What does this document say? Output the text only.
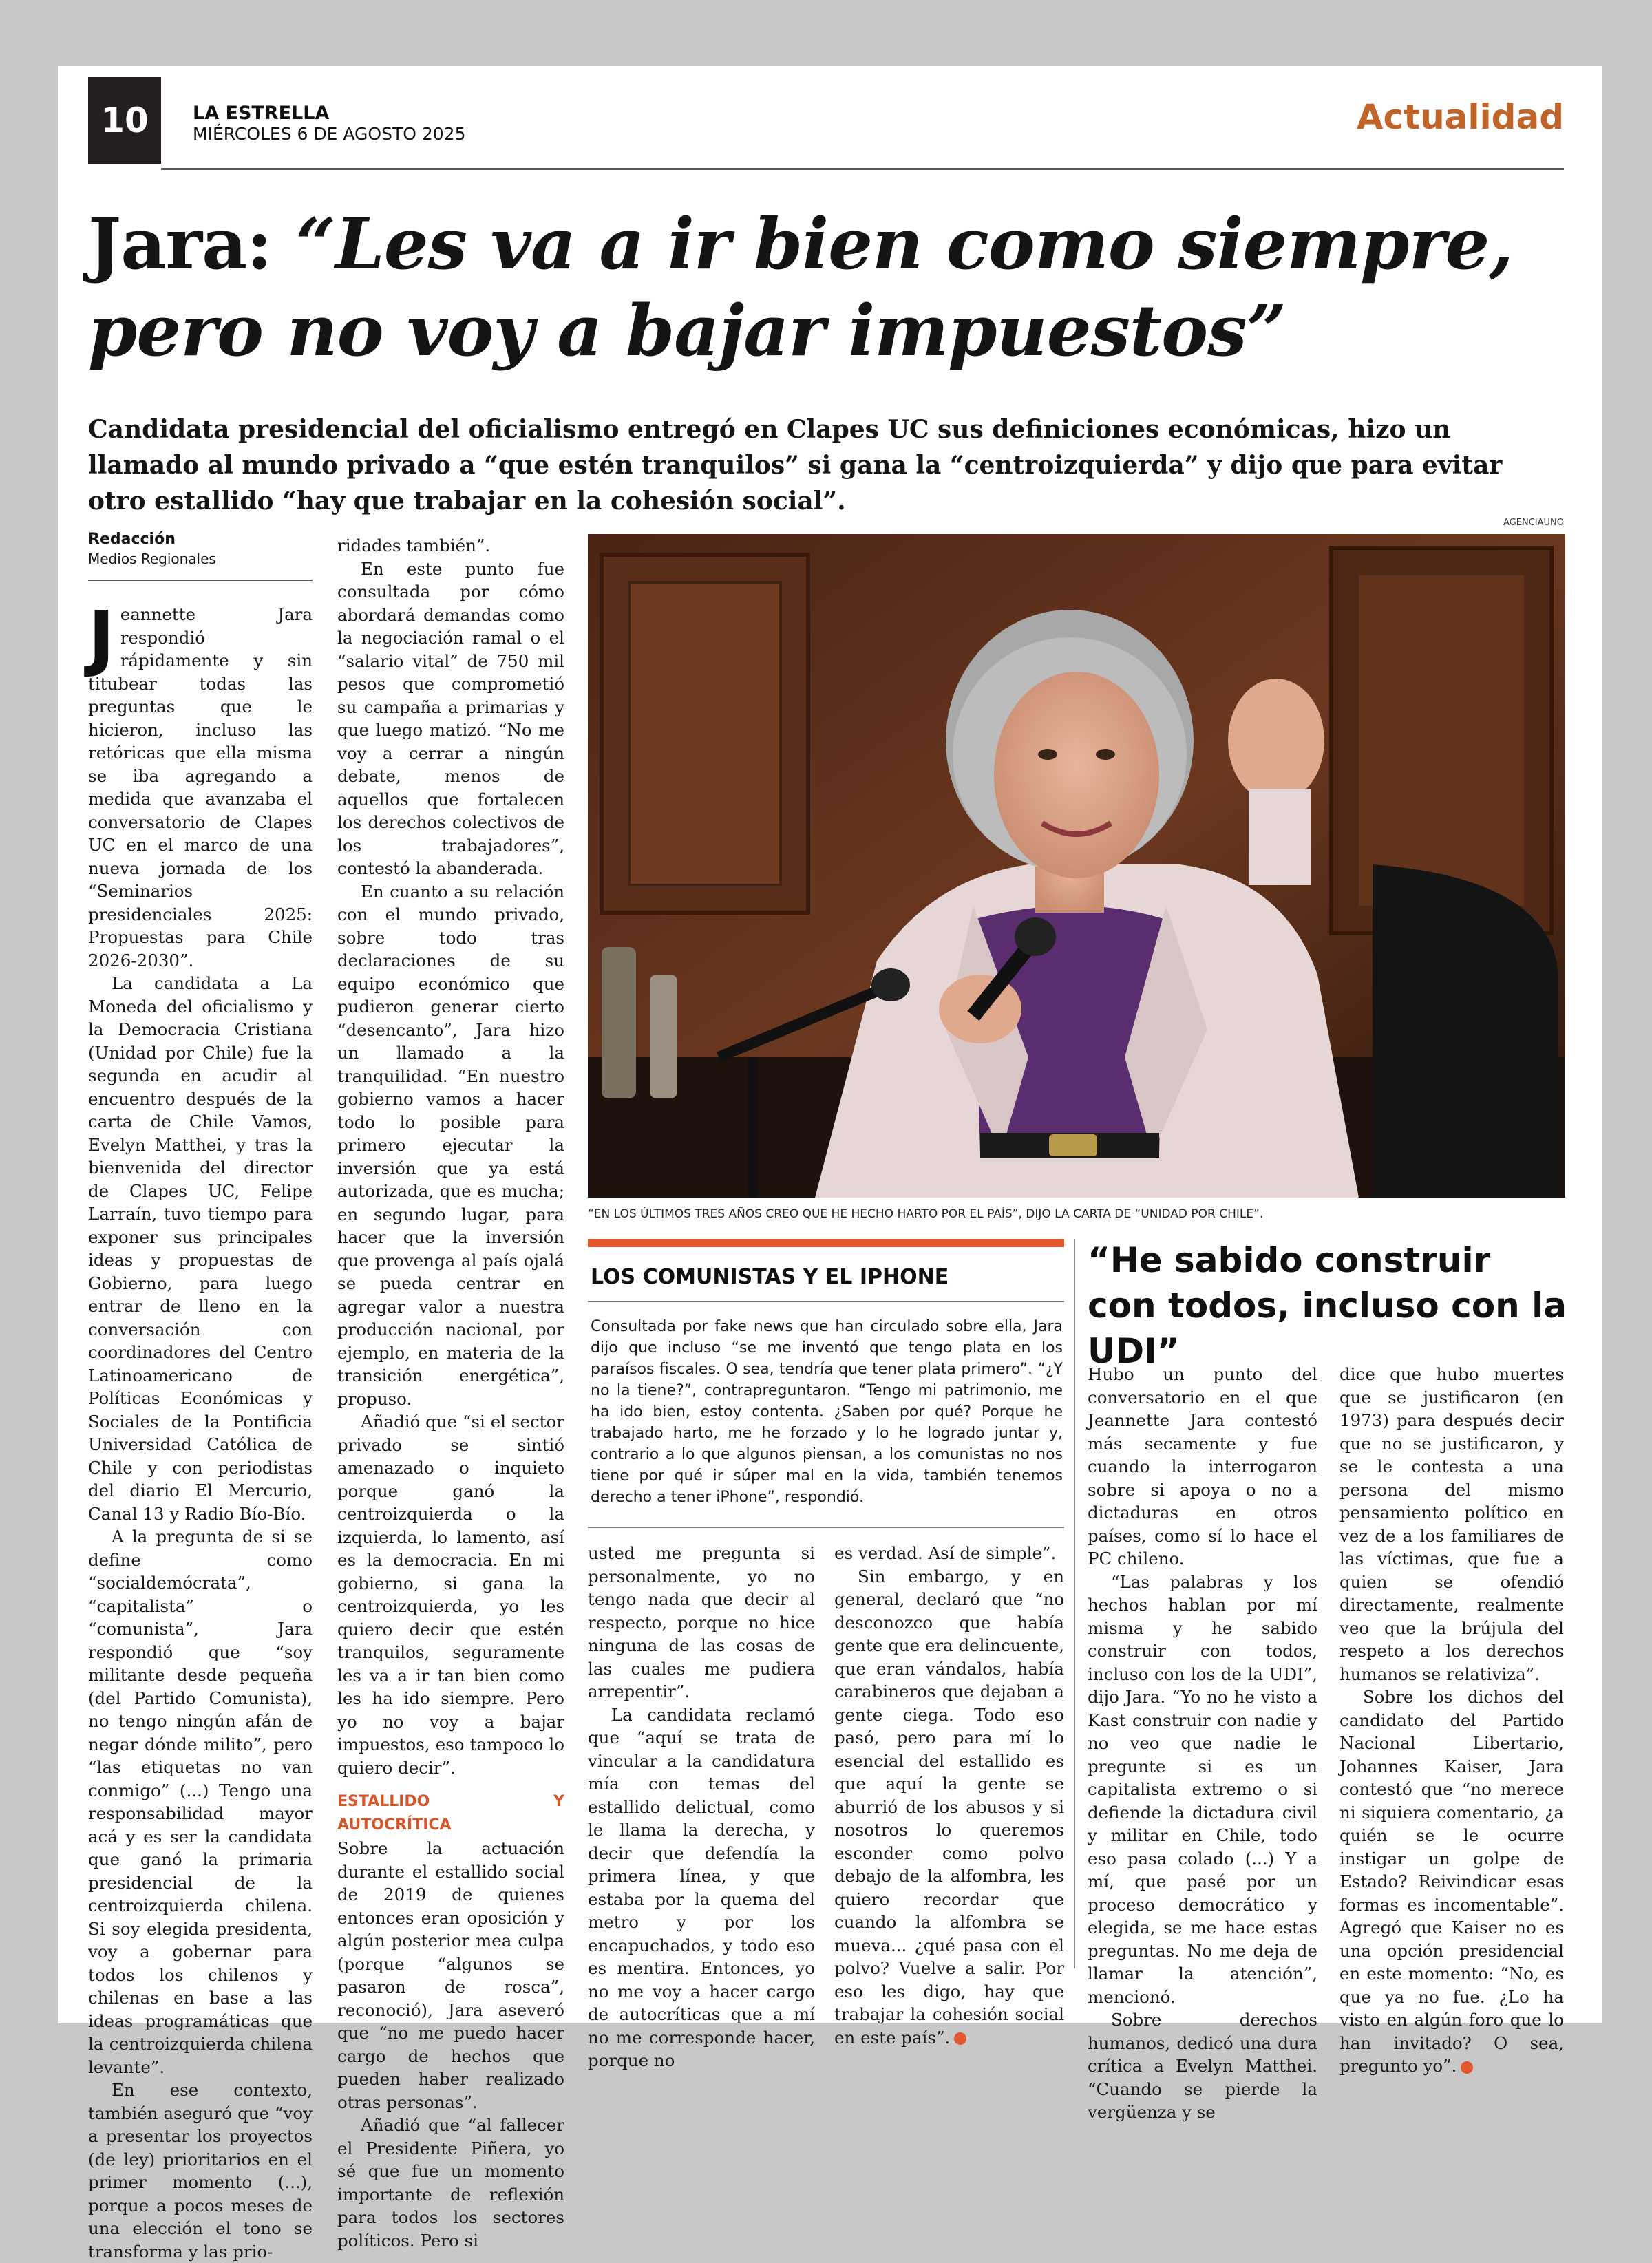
10	LA ESTRELLA
MIÉRCOLES 6 DE AGOSTO 2025	Actualidad
Jara: “Les va a ir bien como siempre, pero no voy a bajar impuestos”
Candidata presidencial del oficialismo entregó en Clapes UC sus definiciones económicas, hizo un llamado al mundo privado a “que estén tranquilos” si gana la “centroizquierda” y dijo que para evitar otro estallido “hay que trabajar en la cohesión social”.
Redacción
Medios Regionales

Jeannette Jara respondió rápidamente y sin titubear todas las preguntas que le hicieron, incluso las retóricas que ella misma se iba agregando a medida que avanzaba el conversatorio de Clapes UC en el marco de una nueva jornada de los “Seminarios presidenciales 2025: Propuestas para Chile 2026-2030”.

La candidata a La Moneda del oficialismo y la Democracia Cristiana (Unidad por Chile) fue la segunda en acudir al encuentro después de la carta de Chile Vamos, Evelyn Matthei, y tras la bienvenida del director de Clapes UC, Felipe Larraín, tuvo tiempo para exponer sus principales ideas y propuestas de Gobierno, para luego entrar de lleno en la conversación con coordinadores del Centro Latinoamericano de Políticas Económicas y Sociales de la Pontificia Universidad Católica de Chile y con periodistas del diario El Mercurio, Canal 13 y Radio Bío-Bío.

A la pregunta de si se define como “socialdemócrata”, “capitalista” o “comunista”, Jara respondió que “soy militante desde pequeña (del Partido Comunista), no tengo ningún afán de negar dónde milito”, pero “las etiquetas no van conmigo” (...) Tengo una responsabilidad mayor acá y es ser la candidata que ganó la primaria presidencial de la centroizquierda chilena. Si soy elegida presidenta, voy a gobernar para todos los chilenos y chilenas en base a las ideas programáticas que la centroizquierda chilena levante”.

En ese contexto, también aseguró que “voy a presentar los proyectos (de ley) prioritarios en el primer momento (...), porque a pocos meses de una elección el tono se transforma y las prio-

ridades también”.

En este punto fue consultada por cómo abordará demandas como la negociación ramal o el “salario vital” de 750 mil pesos que comprometió su campaña a primarias y que luego matizó. “No me voy a cerrar a ningún debate, menos de aquellos que fortalecen los derechos colectivos de los trabajadores”, contestó la abanderada.

En cuanto a su relación con el mundo privado, sobre todo tras declaraciones de su equipo económico que pudieron generar cierto “desencanto”, Jara hizo un llamado a la tranquilidad. “En nuestro gobierno vamos a hacer todo lo posible para primero ejecutar la inversión que ya está autorizada, que es mucha; en segundo lugar, para hacer que la inversión que provenga al país ojalá se pueda centrar en agregar valor a nuestra producción nacional, por ejemplo, en materia de la transición energética”, propuso.

Añadió que “si el sector privado se sintió amenazado o inquieto porque ganó la centroizquierda o la izquierda, lo lamento, así es la democracia. En mi gobierno, si gana la centroizquierda, yo les quiero decir que estén tranquilos, seguramente les va a ir tan bien como les ha ido siempre. Pero yo no voy a bajar impuestos, eso tampoco lo quiero decir”.

ESTALLIDO Y AUTOCRÍTICA

Sobre la actuación durante el estallido social de 2019 de quienes entonces eran oposición y algún posterior mea culpa (porque “algunos se pasaron de rosca”, reconoció), Jara aseveró que “no me puedo hacer cargo de hechos que pueden haber realizado otras personas”.

Añadió que “al fallecer el Presidente Piñera, yo sé que fue un momento importante de reflexión para todos los sectores políticos. Pero si

AGENCIAUNO
“EN LOS ÚLTIMOS TRES AÑOS CREO QUE HE HECHO HARTO POR EL PAÍS”, DIJO LA CARTA DE “UNIDAD POR CHILE”.
LOS COMUNISTAS Y EL IPHONE
Consultada por fake news que han circulado sobre ella, Jara dijo que incluso “se me inventó que tengo plata en los paraísos fiscales. O sea, tendría que tener plata primero”. “¿Y no la tiene?”, contrapreguntaron. “Tengo mi patrimonio, me ha ido bien, estoy contenta. ¿Saben por qué? Porque he trabajado harto, me he forzado y lo he logrado juntar y, contrario a lo que algunos piensan, a los comunistas no nos tiene por qué ir súper mal en la vida, también tenemos derecho a tener iPhone”, respondió.

usted me pregunta si personalmente, yo no tengo nada que decir al respecto, porque no hice ninguna de las cosas de las cuales me pudiera arrepentir”.

La candidata reclamó que “aquí se trata de vincular a la candidatura mía con temas del estallido delictual, como le llama la derecha, y decir que defendía la primera línea, y que estaba por la quema del metro y por los encapuchados, y todo eso es mentira. Entonces, yo no me voy a hacer cargo de autocríticas que a mí no me corresponde hacer, porque no

es verdad. Así de simple”.

Sin embargo, y en general, declaró que “no desconozco que había gente que era delincuente, que eran vándalos, había carabineros que dejaban a gente ciega. Todo eso pasó, pero para mí lo esencial del estallido es que aquí la gente se aburrió de los abusos y si nosotros lo queremos esconder como polvo debajo de la alfombra, les quiero recordar que cuando la alfombra se mueva... ¿qué pasa con el polvo? Vuelve a salir. Por eso les digo, hay que trabajar la cohesión social en este país”.

“He sabido construir con todos, incluso con la UDI”

Hubo un punto del conversatorio en el que Jeannette Jara contestó más secamente y fue cuando la interrogaron sobre si apoya o no a dictaduras en otros países, como sí lo hace el PC chileno.

“Las palabras y los hechos hablan por mí misma y he sabido construir con todos, incluso con los de la UDI”, dijo Jara. “Yo no he visto a Kast construir con nadie y no veo que nadie le pregunte si es un capitalista extremo o si defiende la dictadura civil y militar en Chile, todo eso pasa colado (...) Y a mí, que pasé por un proceso democrático y elegida, se me hace estas preguntas. No me deja de llamar la atención”, mencionó.

Sobre derechos humanos, dedicó una dura crítica a Evelyn Matthei. “Cuando se pierde la vergüenza y se

dice que hubo muertes que se justificaron (en 1973) para después decir que no se justificaron, y se le contesta a una persona del mismo pensamiento político en vez de a los familiares de las víctimas, que fue a quien se ofendió directamente, realmente veo que la brújula del respeto a los derechos humanos se relativiza”.

Sobre los dichos del candidato del Partido Nacional Libertario, Johannes Kaiser, Jara contestó que “no merece ni siquiera comentario, ¿a quién se le ocurre instigar un golpe de Estado? Reivindicar esas formas es incomentable”. Agregó que Kaiser no es una opción presidencial en este momento: “No, es que ya no fue. ¿Lo ha visto en algún foro que lo han invitado? O sea, pregunto yo”.
